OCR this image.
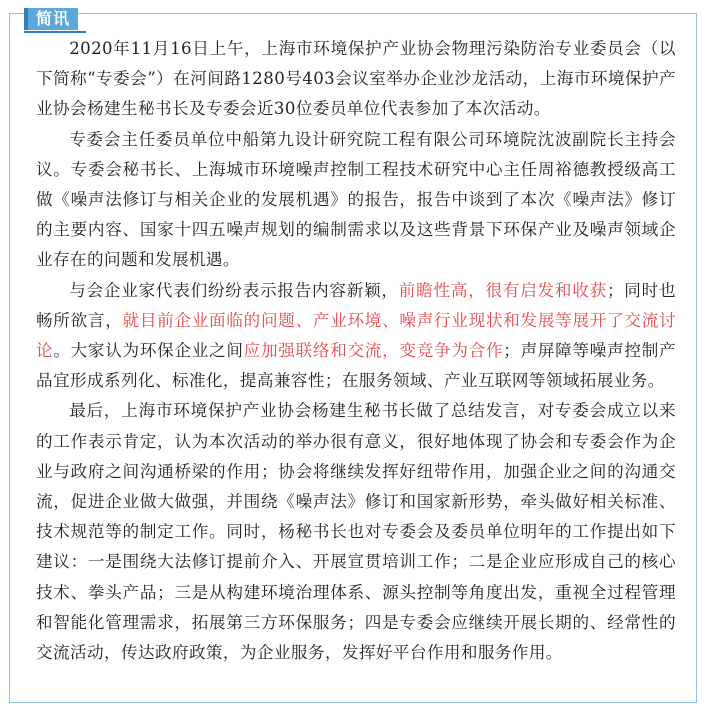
简讯

2020年11月16日上午，上海市环境保护产业协会物理污染防治专业委员会（以下简称“专委会”）在河间路1280号403会议室举办企业沙龙活动，上海市环境保护产业协会杨建生秘书长及专委会近30位委员单位代表参加了本次活动。

专委会主任委员单位中船第九设计研究院工程有限公司环境院沈波副院长主持会议。专委会秘书长、上海城市环境噪声控制工程技术研究中心主任周裕德教授级高工做《噪声法修订与相关企业的发展机遇》的报告，报告中谈到了本次《噪声法》修订的主要内容、国家十四五噪声规划的编制需求以及这些背景下环保产业及噪声领域企业存在的问题和发展机遇。

与会企业家代表们纷纷表示报告内容新颖，前瞻性高，很有启发和收获；同时也畅所欲言，就目前企业面临的问题、产业环境、噪声行业现状和发展等展开了交流讨论。大家认为环保企业之间应加强联络和交流，变竞争为合作；声屏障等噪声控制产品宜形成系列化、标准化，提高兼容性；在服务领域、产业互联网等领域拓展业务。

最后，上海市环境保护产业协会杨建生秘书长做了总结发言，对专委会成立以来的工作表示肯定，认为本次活动的举办很有意义，很好地体现了协会和专委会作为企业与政府之间沟通桥梁的作用；协会将继续发挥好纽带作用，加强企业之间的沟通交流，促进企业做大做强，并围绕《噪声法》修订和国家新形势，牵头做好相关标准、技术规范等的制定工作。同时，杨秘书长也对专委会及委员单位明年的工作提出如下建议：一是围绕大法修订提前介入、开展宣贯培训工作；二是企业应形成自己的核心技术、拳头产品；三是从构建环境治理体系、源头控制等角度出发，重视全过程管理和智能化管理需求，拓展第三方环保服务；四是专委会应继续开展长期的、经常性的交流活动，传达政府政策，为企业服务，发挥好平台作用和服务作用。
